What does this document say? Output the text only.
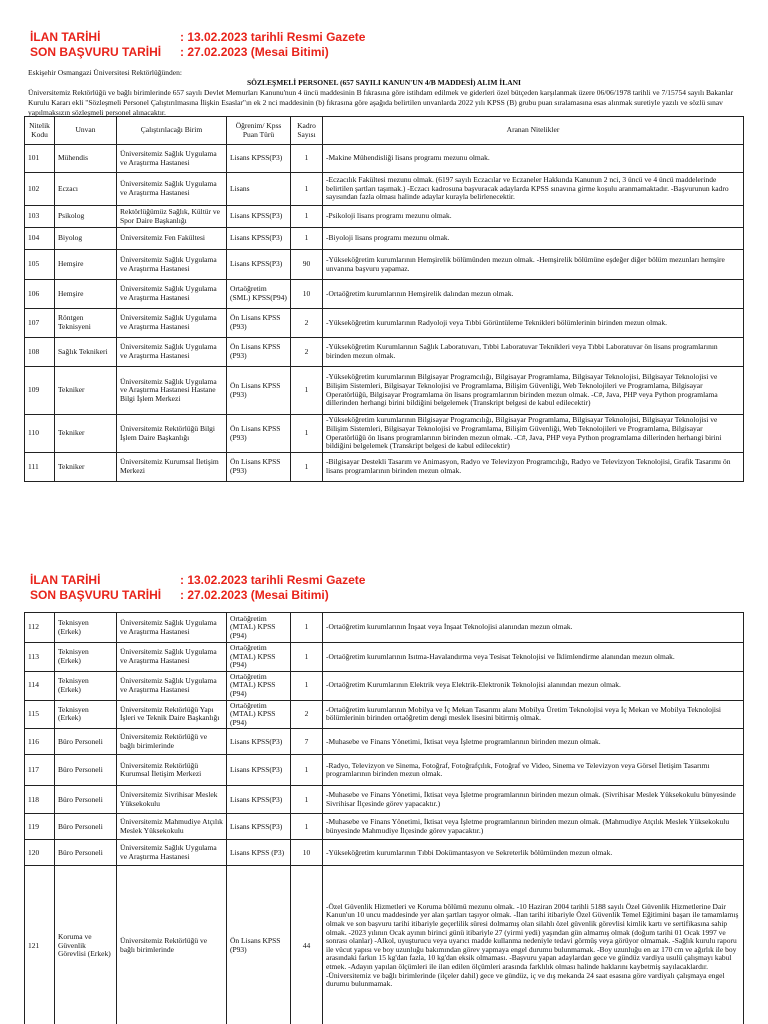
İLAN TARİHİ	: 13.02.2023 tarihli Resmi Gazete
SON BAŞVURU TARİHİ	: 27.02.2023 (Mesai Bitimi)
Eskişehir Osmangazi Üniversitesi Rektörlüğünden:
SÖZLEŞMELİ PERSONEL (657 SAYILI KANUN'UN 4/B MADDESİ) ALIM İLANI
Üniversitemiz Rektörlüğü ve bağlı birimlerinde 657 sayılı Devlet Memurları Kanunu'nun 4 üncü maddesinin B fıkrasına göre istihdam edilmek ve giderleri özel bütçeden karşılanmak üzere 06/06/1978 tarihli ve 7/15754 sayılı Bakanlar Kurulu Kararı ekli "Sözleşmeli Personel Çalıştırılmasına İlişkin Esaslar"ın ek 2 nci maddesinin (b) fıkrasına göre aşağıda belirtilen unvanlarda 2022 yılı KPSS (B) grubu puan sıralamasına esas alınmak suretiyle yazılı ve sözlü sınav yapılmaksızın sözleşmeli personel alınacaktır.
Nitelik Kodu	Unvan	Çalıştırılacağı Birim	Öğrenim/ Kpss Puan Türü	Kadro Sayısı	Aranan Nitelikler
101	Mühendis	Üniversitemiz Sağlık Uygulama ve Araştırma Hastanesi	Lisans KPSS(P3)	1	-Makine Mühendisliği lisans programı mezunu olmak.
102	Eczacı	Üniversitemiz Sağlık Uygulama ve Araştırma Hastanesi	Lisans	1	-Eczacılık Fakültesi mezunu olmak. (6197 sayılı Eczacılar ve Eczaneler Hakkında Kanunun 2 nci, 3 üncü ve 4 üncü maddelerinde belirtilen şartları taşımak.) -Eczacı kadrosuna başvuracak adaylarda KPSS sınavına girme koşulu aranmamaktadır. -Başvurunun kadro sayısından fazla olması halinde adaylar kurayla belirlenecektir.
103	Psikolog	Rektörlüğümüz Sağlık, Kültür ve Spor Daire Başkanlığı	Lisans KPSS(P3)	1	-Psikoloji lisans programı mezunu olmak.
104	Biyolog	Üniversitemiz Fen Fakültesi	Lisans KPSS(P3)	1	-Biyoloji lisans programı mezunu olmak.
105	Hemşire	Üniversitemiz Sağlık Uygulama ve Araştırma Hastanesi	Lisans KPSS(P3)	90	-Yükseköğretim kurumlarının Hemşirelik bölümünden mezun olmak. -Hemşirelik bölümüne eşdeğer diğer bölüm mezunları hemşire unvanına başvuru yapamaz.
106	Hemşire	Üniversitemiz Sağlık Uygulama ve Araştırma Hastanesi	Ortaöğretim (SML) KPSS(P94)	10	-Ortaöğretim kurumlarının Hemşirelik dalından mezun olmak.
107	Röntgen Teknisyeni	Üniversitemiz Sağlık Uygulama ve Araştırma Hastanesi	Ön Lisans KPSS (P93)	2	-Yükseköğretim kurumlarının Radyoloji veya Tıbbi Görüntüleme Teknikleri bölümlerinin birinden mezun olmak.
108	Sağlık Teknikeri	Üniversitemiz Sağlık Uygulama ve Araştırma Hastanesi	Ön Lisans KPSS (P93)	2	-Yükseköğretim Kurumlarının Sağlık Laboratuvarı, Tıbbi Laboratuvar Teknikleri veya Tıbbi Laboratuvar ön lisans programlarının birinden mezun olmak.
109	Tekniker	Üniversitemiz Sağlık Uygulama ve Araştırma Hastanesi Hastane Bilgi İşlem Merkezi	Ön Lisans KPSS (P93)	1	-Yükseköğretim kurumlarının Bilgisayar Programcılığı, Bilgisayar Programlama, Bilgisayar Teknolojisi, Bilgisayar Teknolojisi ve Bilişim Sistemleri, Bilgisayar Teknolojisi ve Programlama, Bilişim Güvenliği, Web Teknolojileri ve Programlama, Bilgisayar Operatörlüğü, Bilgisayar Programlama ön lisans programlarının birinden mezun olmak. -C#, Java, PHP veya Python programlama dillerinden herhangi birini bildiğini belgelemek (Transkript belgesi de kabul edilecektir)
110	Tekniker	Üniversitemiz Rektörlüğü Bilgi İşlem Daire Başkanlığı	Ön Lisans KPSS (P93)	1	-Yükseköğretim kurumlarının Bilgisayar Programcılığı, Bilgisayar Programlama, Bilgisayar Teknolojisi, Bilgisayar Teknolojisi ve Bilişim Sistemleri, Bilgisayar Teknolojisi ve Programlama, Bilişim Güvenliği, Web Teknolojileri ve Programlama, Bilgisayar Operatörlüğü ön lisans programlarının birinden mezun olmak. -C#, Java, PHP veya Python programlama dillerinden herhangi birini bildiğini belgelemek (Transkript belgesi de kabul edilecektir)
111	Tekniker	Üniversitemiz Kurumsal İletişim Merkezi	Ön Lisans KPSS (P93)	1	-Bilgisayar Destekli Tasarım ve Animasyon, Radyo ve Televizyon Programcılığı, Radyo ve Televizyon Teknolojisi, Grafik Tasarımı ön lisans programlarının birinden mezun olmak.
İLAN TARİHİ	: 13.02.2023 tarihli Resmi Gazete
SON BAŞVURU TARİHİ	: 27.02.2023 (Mesai Bitimi)
112	Teknisyen (Erkek)	Üniversitemiz Sağlık Uygulama ve Araştırma Hastanesi	Ortaöğretim (MTAL) KPSS (P94)	1	-Ortaöğretim kurumlarının İnşaat veya İnşaat Teknolojisi alanından mezun olmak.
113	Teknisyen (Erkek)	Üniversitemiz Sağlık Uygulama ve Araştırma Hastanesi	Ortaöğretim (MTAL) KPSS (P94)	1	-Ortaöğretim kurumlarının Isıtma-Havalandırma veya Tesisat Teknolojisi ve İklimlendirme alanından mezun olmak.
114	Teknisyen (Erkek)	Üniversitemiz Sağlık Uygulama ve Araştırma Hastanesi	Ortaöğretim (MTAL) KPSS (P94)	1	-Ortaöğretim Kurumlarının Elektrik veya Elektrik-Elektronik Teknolojisi alanından mezun olmak.
115	Teknisyen (Erkek)	Üniversitemiz Rektörlüğü Yapı İşleri ve Teknik Daire Başkanlığı	Ortaöğretim (MTAL) KPSS (P94)	2	-Ortaöğretim kurumlarının Mobilya ve İç Mekan Tasarımı alanı Mobilya Üretim Teknolojisi veya İç Mekan ve Mobilya Teknolojisi bölümlerinin birinden ortaöğretim dengi meslek lisesini bitirmiş olmak.
116	Büro Personeli	Üniversitemiz Rektörlüğü ve bağlı birimlerinde	Lisans KPSS(P3)	7	-Muhasebe ve Finans Yönetimi, İktisat veya İşletme programlarının birinden mezun olmak.
117	Büro Personeli	Üniversitemiz Rektörlüğü Kurumsal İletişim Merkezi	Lisans KPSS(P3)	1	-Radyo, Televizyon ve Sinema, Fotoğraf, Fotoğrafçılık, Fotoğraf ve Video, Sinema ve Televizyon veya Görsel İletişim Tasarımı programlarının birinden mezun olmak.
118	Büro Personeli	Üniversitemiz Sivrihisar Meslek Yüksekokulu	Lisans KPSS(P3)	1	-Muhasebe ve Finans Yönetimi, İktisat veya İşletme programlarının birinden mezun olmak. (Sivrihisar Meslek Yüksekokulu bünyesinde Sivrihisar İlçesinde görev yapacaktır.)
119	Büro Personeli	Üniversitemiz Mahmudiye Atçılık Meslek Yüksekokulu	Lisans KPSS(P3)	1	-Muhasebe ve Finans Yönetimi, İktisat veya İşletme programlarının birinden mezun olmak. (Mahmudiye Atçılık Meslek Yüksekokulu bünyesinde Mahmudiye İlçesinde görev yapacaktır.)
120	Büro Personeli	Üniversitemiz Sağlık Uygulama ve Araştırma Hastanesi	Lisans KPSS (P3)	10	-Yükseköğretim kurumlarının Tıbbi Dokümantasyon ve Sekreterlik bölümünden mezun olmak.
121	Koruma ve Güvenlik Görevlisi (Erkek)	Üniversitemiz Rektörlüğü ve bağlı birimlerinde	Ön Lisans KPSS (P93)	44	-Özel Güvenlik Hizmetleri ve Koruma bölümü mezunu olmak. -10 Haziran 2004 tarihli 5188 sayılı Özel Güvenlik Hizmetlerine Dair Kanun'un 10 uncu maddesinde yer alan şartları taşıyor olmak. -İlan tarihi itibariyle Özel Güvenlik Temel Eğitimini başarı ile tamamlamış olmak ve son başvuru tarihi itibariyle geçerlilik süresi dolmamış olan silahlı özel güvenlik görevlisi kimlik kartı ve sertifikasına sahip olmak. -2023 yılının Ocak ayının birinci günü itibariyle 27 (yirmi yedi) yaşından gün almamış olmak (doğum tarihi 01 Ocak 1997 ve sonrası olanlar) -Alkol, uyuşturucu veya uyarıcı madde kullanma nedeniyle tedavi görmüş veya görüyor olmamak. -Sağlık kurulu raporu ile vücut yapısı ve boy uzunluğu bakımından görev yapmaya engel durumu bulunmamak. -Boy uzunluğu en az 170 cm ve ağırlık ile boy arasındaki farkın 15 kg'dan fazla, 10 kg'dan eksik olmaması. -Başvuru yapan adaylardan gece ve gündüz vardiya usulü çalışmayı kabul etmek. -Adayın yapılan ölçümleri ile ilan edilen ölçümleri arasında farklılık olması halinde haklarını kaybetmiş sayılacaklardır. -Üniversitemiz ve bağlı birimlerinde (ilçeler dahil) gece ve gündüz, iç ve dış mekanda 24 saat esasına göre vardiyalı çalışmaya engel durumu bulunmamak.
